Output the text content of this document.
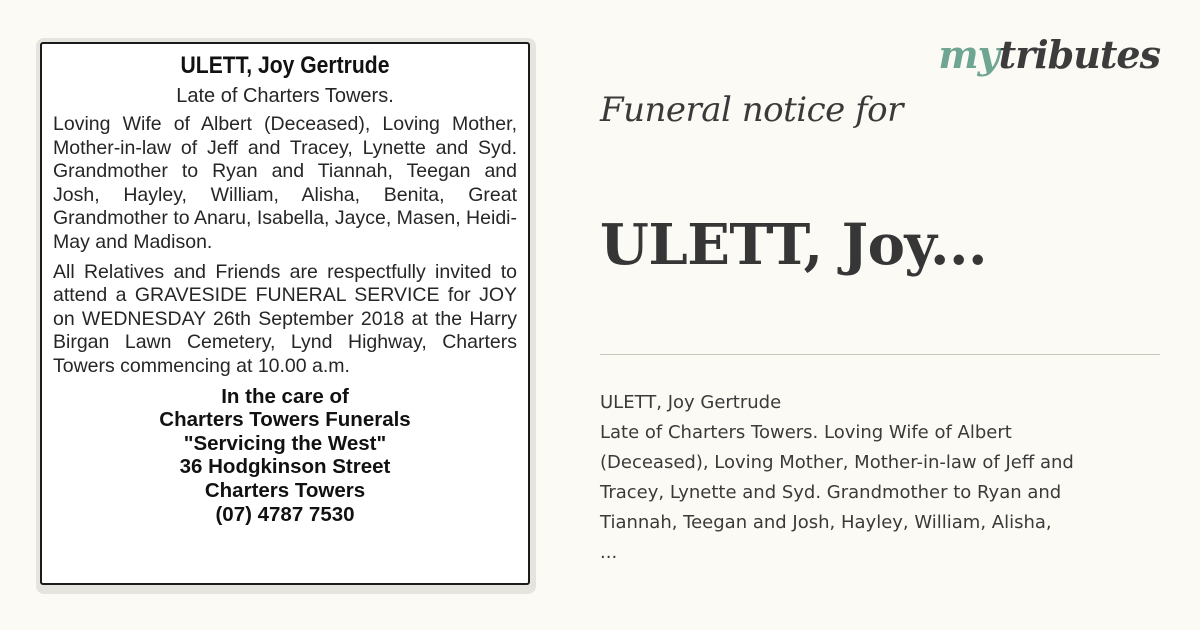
ULETT, Joy Gertrude
Late of Charters Towers.
Loving Wife of Albert (Deceased), Loving Mother, Mother-in-law of Jeff and Tracey, Lynette and Syd. Grandmother to Ryan and Tiannah, Teegan and Josh, Hayley, William, Alisha, Benita, Great Grandmother to Anaru, Isabella, Jayce, Masen, Heidi-May and Madison.
All Relatives and Friends are respectfully invited to attend a GRAVESIDE FUNERAL SERVICE for JOY on WEDNESDAY 26th September 2018 at the Harry Birgan Lawn Cemetery, Lynd Highway, Charters Towers commencing at 10.00 a.m.
In the care of
Charters Towers Funerals
"Servicing the West"
36 Hodgkinson Street
Charters Towers
(07) 4787 7530
mytributes
Funeral notice for
ULETT, Joy...
ULETT, Joy Gertrude
Late of Charters Towers. Loving Wife of Albert
(Deceased), Loving Mother, Mother-in-law of Jeff and
Tracey, Lynette and Syd. Grandmother to Ryan and
Tiannah, Teegan and Josh, Hayley, William, Alisha,
...
